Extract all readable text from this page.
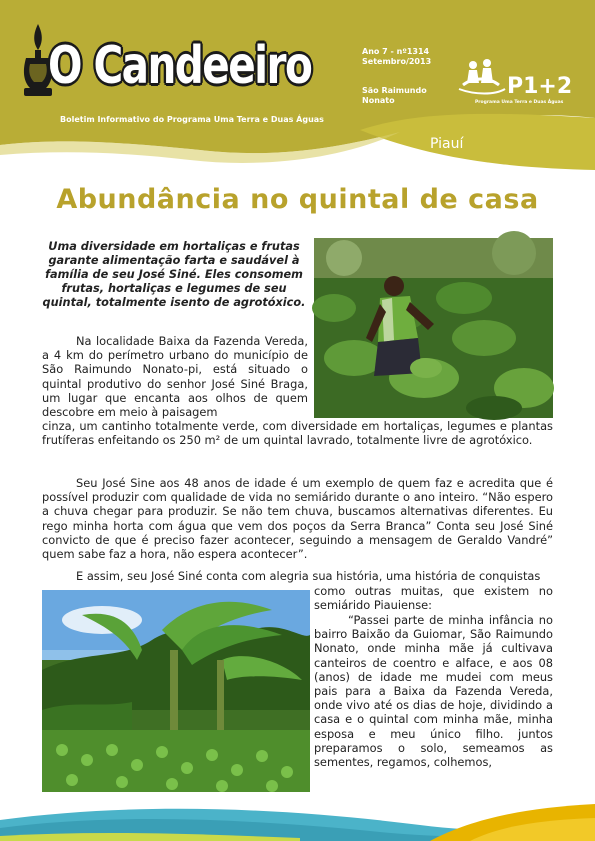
O Candeeiro
Boletim Informativo do Programa Uma Terra e Duas Águas
Ano 7 - nº1314
Setembro/2013
São Raimundo
Nonato
P1+2
Programa Uma Terra e Duas Águas
Piauí
Abundância no quintal de casa
Uma diversidade em hortaliças e frutas garante alimentação farta e saudável à família de seu José Siné. Eles consomem frutas, hortaliças e legumes de seu quintal, totalmente isento de agrotóxico.
Na localidade Baixa da Fazenda Vereda, a 4 km do perímetro urbano do município de São Raimundo Nonato-pi, está situado o quintal produtivo do senhor José Siné Braga, um lugar que encanta aos olhos de quem descobre em meio à paisagem
cinza, um cantinho totalmente verde, com diversidade em hortaliças, legumes e plantas frutíferas enfeitando os 250 m² de um quintal lavrado, totalmente livre de agrotóxico.
Seu José Sine aos 48 anos de idade é um exemplo de quem faz e acredita que é possível produzir com qualidade de vida no semiárido durante o ano inteiro. “Não espero a chuva chegar para produzir. Se não tem chuva, buscamos alternativas diferentes. Eu rego minha horta com água que vem dos poços da Serra Branca” Conta seu José Siné convicto de que é preciso fazer acontecer, seguindo a mensagem de Geraldo Vandré” quem sabe faz a hora, não espera acontecer”.
E assim, seu José Siné conta com alegria sua história, uma história de conquistas
como outras muitas, que existem no semiárido Piauiense:
“Passei parte de minha infância no bairro Baixão da Guiomar, São Raimundo Nonato, onde minha mãe já cultivava canteiros de coentro e alface, e aos 08 (anos) de idade me mudei com meus pais para a Baixa da Fazenda Vereda, onde vivo até os dias de hoje, dividindo a casa e o quintal com minha mãe, minha esposa e meu único filho. juntos preparamos o solo, semeamos as sementes, regamos, colhemos,
